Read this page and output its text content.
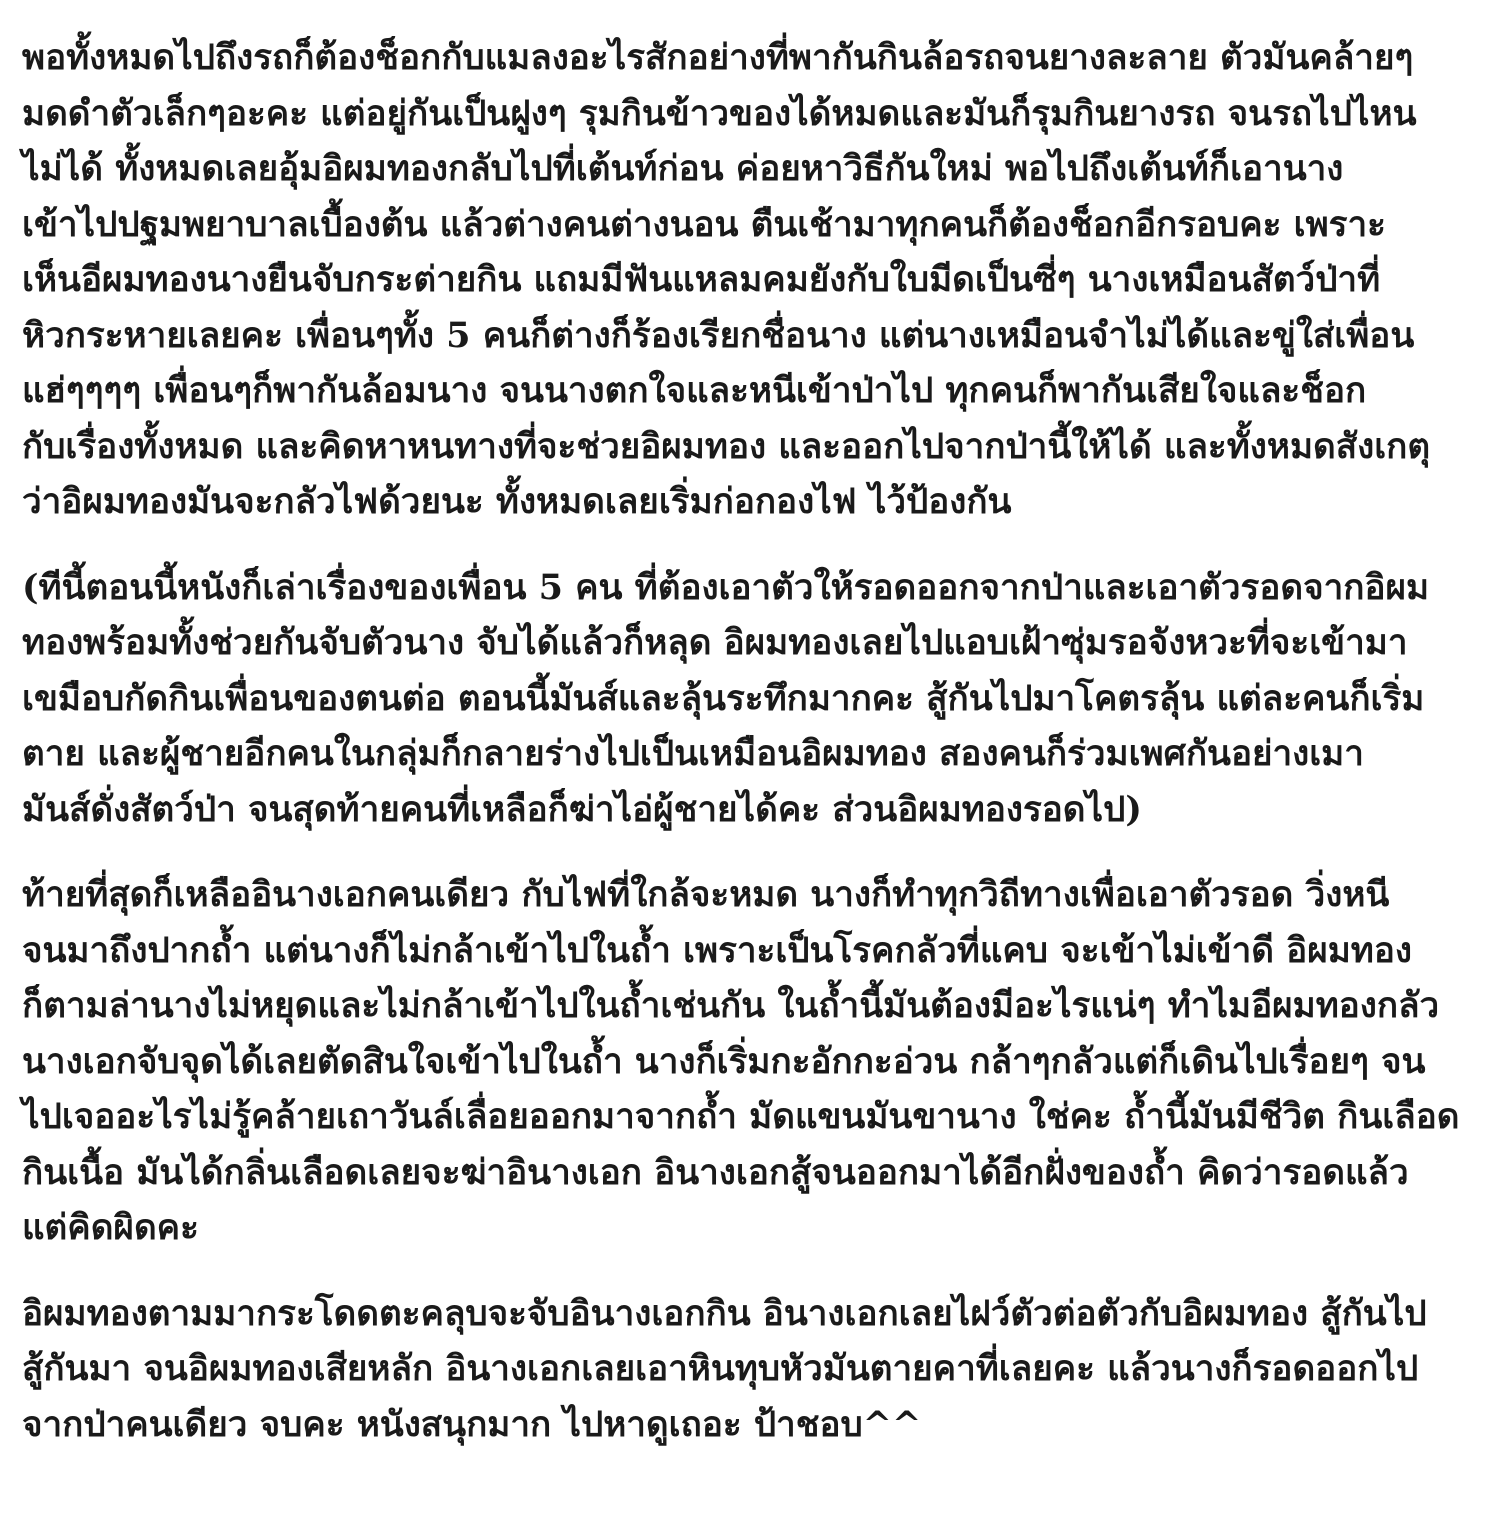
พอทั้งหมดไปถึงรถก็ต้องช็อกกับแมลงอะไรสักอย่างที่พากันกินล้อรถจนยางละลาย ตัวมันคล้ายๆ
มดดำตัวเล็กๆอะคะ แต่อยู่กันเป็นฝูงๆ รุมกินข้าวของได้หมดและมันก็รุมกินยางรถ จนรถไปไหน
ไม่ได้ ทั้งหมดเลยอุ้มอิผมทองกลับไปที่เต้นท์ก่อน ค่อยหาวิธีกันใหม่ พอไปถึงเต้นท์ก็เอานาง
เข้าไปปฐมพยาบาลเบื้องต้น แล้วต่างคนต่างนอน ตืนเช้ามาทุกคนก็ต้องช็อกอีกรอบคะ เพราะ
เห็นอีผมทองนางยืนจับกระต่ายกิน แถมมีฟันแหลมคมยังกับใบมีดเป็นซี่ๆ นางเหมือนสัตว์ป่าที่
หิวกระหายเลยคะ เพื่อนๆทั้ง 5 คนก็ต่างก็ร้องเรียกชื่อนาง แต่นางเหมือนจำไม่ได้และขู่ใส่เพื่อน
แฮ่ๆๆๆๆ เพื่อนๆก็พากันล้อมนาง จนนางตกใจและหนีเข้าป่าไป ทุกคนก็พากันเสียใจและช็อก
กับเรื่องทั้งหมด และคิดหาหนทางที่จะช่วยอิผมทอง และออกไปจากป่านี้ให้ได้ และทั้งหมดสังเกตุ
ว่าอิผมทองมันจะกลัวไฟด้วยนะ ทั้งหมดเลยเริ่มก่อกองไฟ ไว้ป้องกัน
(ทีนี้ตอนนี้หนังก็เล่าเรื่องของเพื่อน 5 คน ที่ต้องเอาตัวให้รอดออกจากป่าและเอาตัวรอดจากอิผม
ทองพร้อมทั้งช่วยกันจับตัวนาง จับได้แล้วก็หลุด อิผมทองเลยไปแอบเฝ้าซุ่มรอจังหวะที่จะเข้ามา
เขมือบกัดกินเพื่อนของตนต่อ ตอนนี้มันส์และลุ้นระทึกมากคะ สู้กันไปมาโคตรลุ้น แต่ละคนก็เริ่ม
ตาย และผู้ชายอีกคนในกลุ่มก็กลายร่างไปเป็นเหมือนอิผมทอง สองคนก็ร่วมเพศกันอย่างเมา
มันส์ดั่งสัตว์ป่า จนสุดท้ายคนที่เหลือก็ฆ่าไอ่ผู้ชายได้คะ ส่วนอิผมทองรอดไป)
ท้ายที่สุดก็เหลืออินางเอกคนเดียว กับไฟที่ใกล้จะหมด นางก็ทำทุกวิถีทางเพื่อเอาตัวรอด วิ่งหนี
จนมาถึงปากถ้ำ แต่นางก็ไม่กล้าเข้าไปในถ้ำ เพราะเป็นโรคกลัวที่แคบ จะเข้าไม่เข้าดี อิผมทอง
ก็ตามล่านางไม่หยุดและไม่กล้าเข้าไปในถ้ำเช่นกัน ในถ้ำนี้มันต้องมีอะไรแน่ๆ ทำไมอีผมทองกลัว
นางเอกจับจุดได้เลยตัดสินใจเข้าไปในถ้ำ นางก็เริ่มกะอักกะอ่วน กล้าๆกลัวแต่ก็เดินไปเรื่อยๆ จน
ไปเจออะไรไม่รู้คล้ายเถาวันล์เลื่อยออกมาจากถ้ำ มัดแขนมันขานาง ใช่คะ ถ้ำนี้มันมีชีวิต กินเลือด
กินเนื้อ มันได้กลิ่นเลือดเลยจะฆ่าอินางเอก อินางเอกสู้จนออกมาได้อีกฝั่งของถ้ำ คิดว่ารอดแล้ว
แต่คิดผิดคะ
อิผมทองตามมากระโดดตะคลุบจะจับอินางเอกกิน อินางเอกเลยไฝว์ตัวต่อตัวกับอิผมทอง สู้กันไป
สู้กันมา จนอิผมทองเสียหลัก อินางเอกเลยเอาหินทุบหัวมันตายคาที่เลยคะ แล้วนางก็รอดออกไป
จากป่าคนเดียว จบคะ หนังสนุกมาก ไปหาดูเถอะ ป้าชอบ^^
